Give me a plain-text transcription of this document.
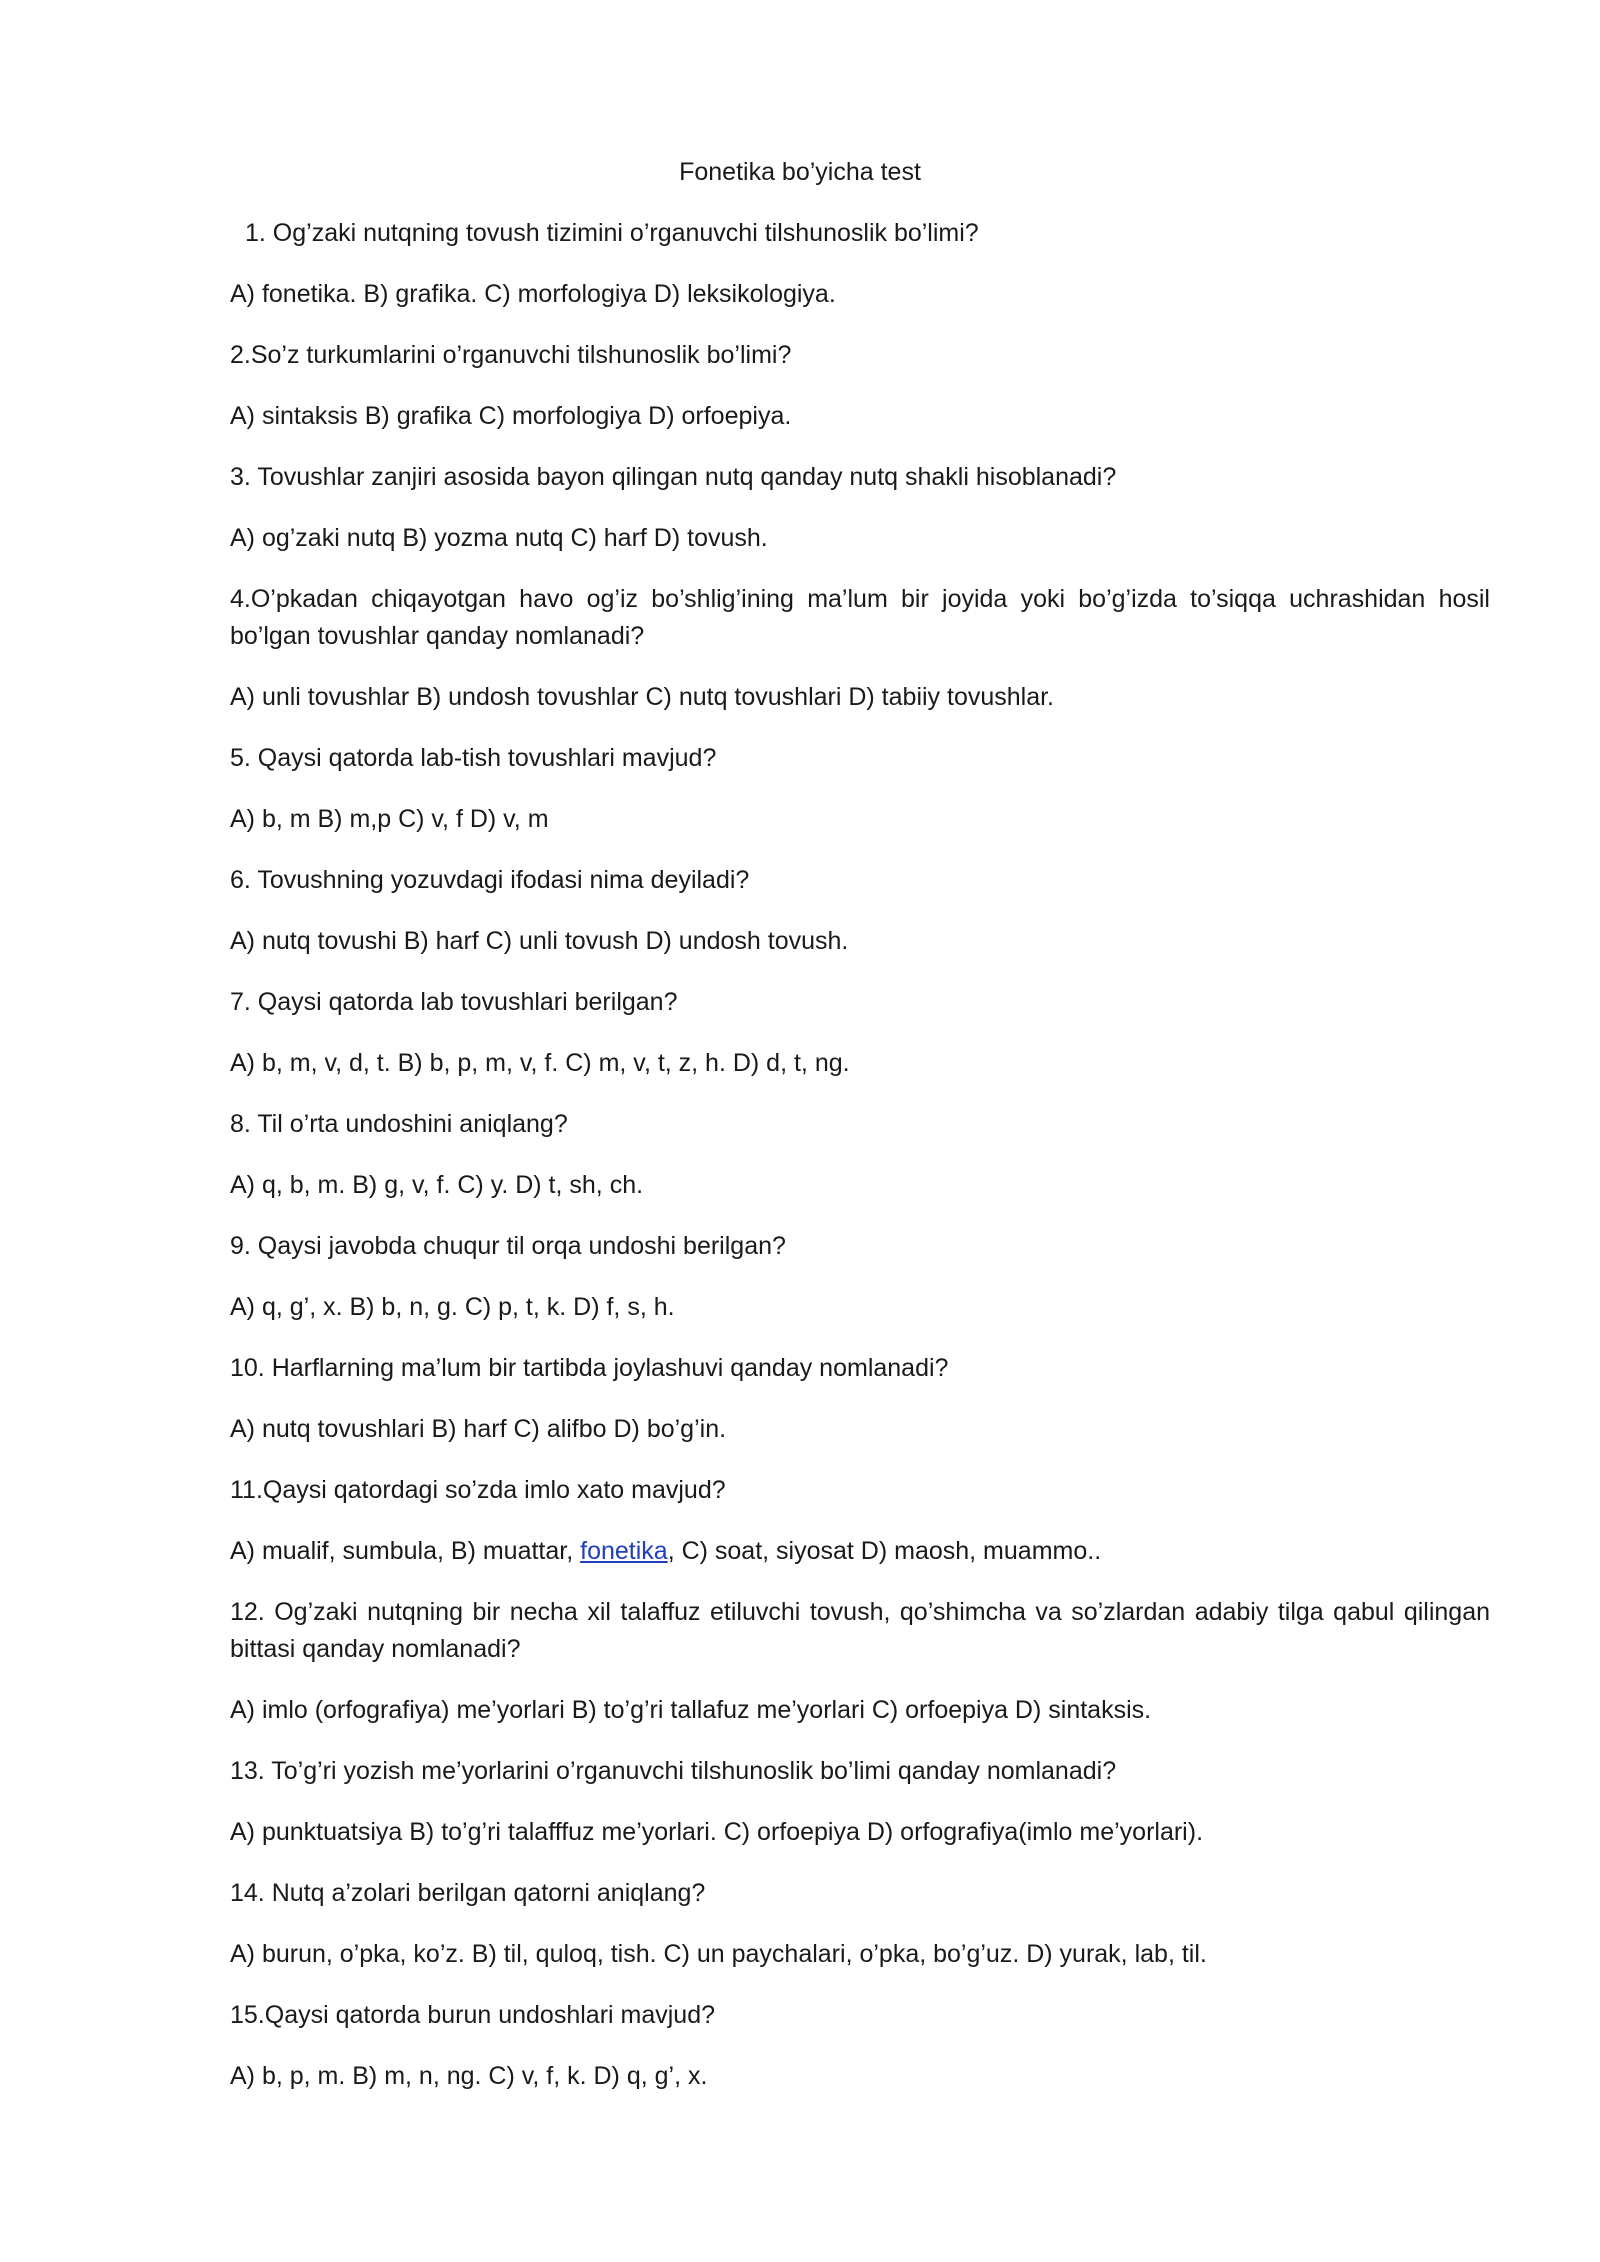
Fonetika bo’yicha test

1. Og’zaki nutqning tovush tizimini o’rganuvchi tilshunoslik bo’limi?

A) fonetika. B) grafika. C) morfologiya D) leksikologiya.

2.So’z turkumlarini o’rganuvchi tilshunoslik bo’limi?

A) sintaksis B) grafika C) morfologiya D) orfoepiya.

3. Tovushlar zanjiri asosida bayon qilingan nutq qanday nutq shakli hisoblanadi?

A) og’zaki nutq B) yozma nutq C) harf D) tovush.

4.O’pkadan chiqayotgan havo og’iz bo’shlig’ining ma’lum bir joyida yoki bo’g’izda to’siqqa uchrashidan hosil bo’lgan tovushlar qanday nomlanadi?

A) unli tovushlar B) undosh tovushlar C) nutq tovushlari D) tabiiy tovushlar.

5. Qaysi qatorda lab-tish tovushlari mavjud?

A) b, m B) m,p C) v, f D) v, m

6. Tovushning yozuvdagi ifodasi nima deyiladi?

A) nutq tovushi B) harf C) unli tovush D) undosh tovush.

7. Qaysi qatorda lab tovushlari berilgan?

A) b, m, v, d, t. B) b, p, m, v, f. C) m, v, t, z, h. D) d, t, ng.

8. Til o’rta undoshini aniqlang?

A) q, b, m. B) g, v, f. C) y. D) t, sh, ch.

9. Qaysi javobda chuqur til orqa undoshi berilgan?

A) q, g’, x. B) b, n, g. C) p, t, k. D) f, s, h.

10. Harflarning ma’lum bir tartibda joylashuvi qanday nomlanadi?

A) nutq tovushlari B) harf C) alifbo D) bo’g’in.

11.Qaysi qatordagi so’zda imlo xato mavjud?

A) mualif, sumbula, B) muattar, fonetika, C) soat, siyosat D) maosh, muammo..

12. Og’zaki nutqning bir necha xil talaffuz etiluvchi tovush, qo’shimcha va so’zlardan adabiy tilga qabul qilingan bittasi qanday nomlanadi?

A) imlo (orfografiya) me’yorlari B) to’g’ri tallafuz me’yorlari C) orfoepiya D) sintaksis.

13. To’g’ri yozish me’yorlarini o’rganuvchi tilshunoslik bo’limi qanday nomlanadi?

A) punktuatsiya B) to’g’ri talafffuz me’yorlari. C) orfoepiya D) orfografiya(imlo me’yorlari).

14. Nutq a’zolari berilgan qatorni aniqlang?

A) burun, o’pka, ko’z. B) til, quloq, tish. C) un paychalari, o’pka, bo’g’uz. D) yurak, lab, til.

15.Qaysi qatorda burun undoshlari mavjud?

A) b, p, m. B) m, n, ng. C) v, f, k. D) q, g’, x.
